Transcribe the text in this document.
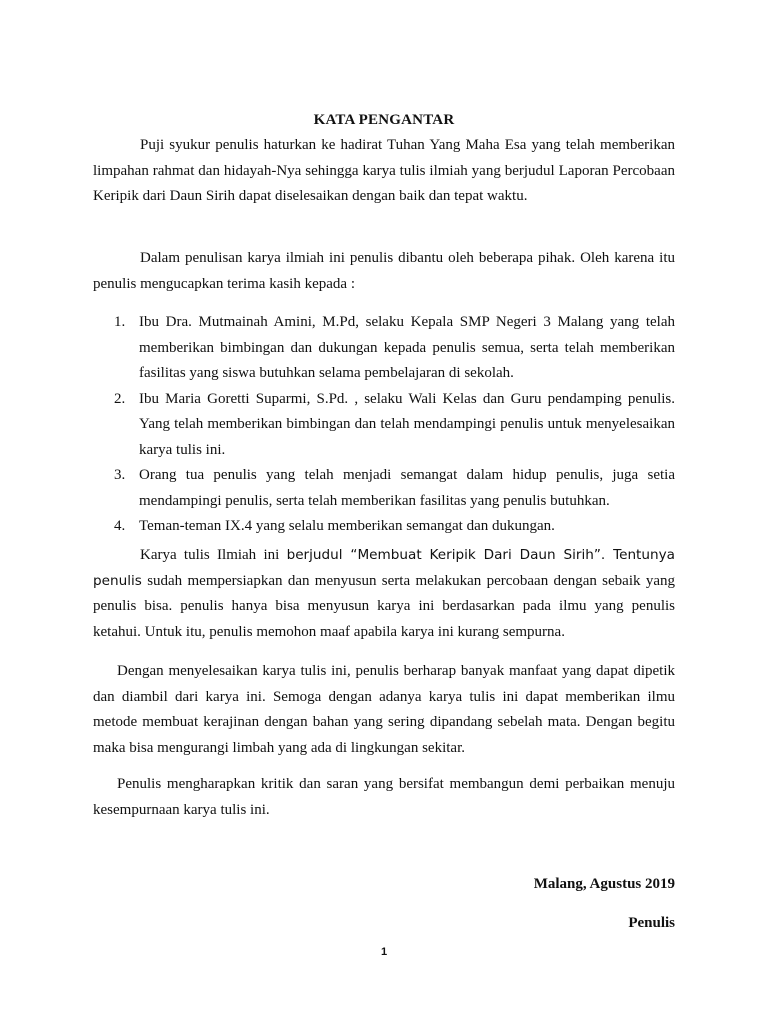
KATA PENGANTAR

Puji syukur penulis haturkan ke hadirat Tuhan Yang Maha Esa yang telah memberikan limpahan rahmat dan hidayah-Nya sehingga karya tulis ilmiah yang berjudul Laporan Percobaan Keripik dari Daun Sirih dapat diselesaikan dengan baik dan tepat waktu.

Dalam penulisan karya ilmiah ini penulis dibantu oleh beberapa pihak. Oleh karena itu penulis mengucapkan terima kasih kepada :

1. Ibu Dra. Mutmainah Amini, M.Pd, selaku Kepala SMP Negeri 3 Malang yang telah memberikan bimbingan dan dukungan kepada penulis semua, serta telah memberikan fasilitas yang siswa butuhkan selama pembelajaran di sekolah.
2. Ibu Maria Goretti Suparmi, S.Pd. , selaku Wali Kelas dan Guru pendamping penulis. Yang telah memberikan bimbingan dan telah mendampingi penulis untuk menyelesaikan karya tulis ini.
3. Orang tua penulis yang telah menjadi semangat dalam hidup penulis, juga setia mendampingi penulis, serta telah memberikan fasilitas yang penulis butuhkan.
4. Teman-teman IX.4 yang selalu memberikan semangat dan dukungan.

Karya tulis Ilmiah ini berjudul “Membuat Keripik Dari Daun Sirih”. Tentunya penulis sudah mempersiapkan dan menyusun serta melakukan percobaan dengan sebaik yang penulis bisa. penulis hanya bisa menyusun karya ini berdasarkan pada ilmu yang penulis ketahui. Untuk itu, penulis memohon maaf apabila karya ini kurang sempurna.

Dengan menyelesaikan karya tulis ini, penulis berharap banyak manfaat yang dapat dipetik dan diambil dari karya ini. Semoga dengan adanya karya tulis ini dapat memberikan ilmu metode membuat kerajinan dengan bahan yang sering dipandang sebelah mata. Dengan begitu maka bisa mengurangi limbah yang ada di lingkungan sekitar.

Penulis mengharapkan kritik dan saran yang bersifat membangun demi perbaikan menuju kesempurnaan karya tulis ini.

Malang, Agustus 2019
Penulis
1
